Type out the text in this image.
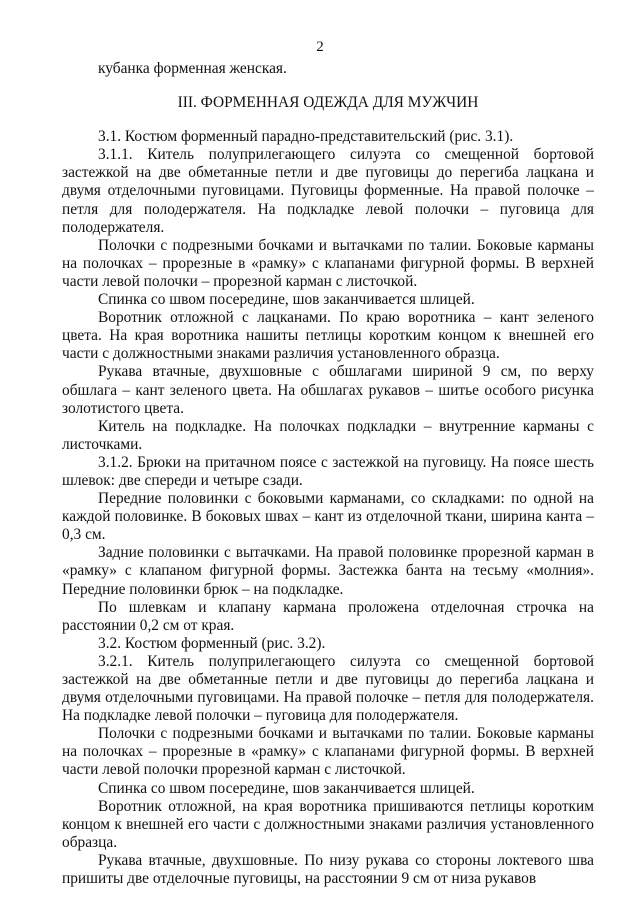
2

кубанка форменная женская.

III. ФОРМЕННАЯ ОДЕЖДА ДЛЯ МУЖЧИН

3.1. Костюм форменный парадно-представительский (рис. 3.1).

3.1.1. Китель полуприлегающего силуэта со смещенной бортовой застежкой на две обметанные петли и две пуговицы до перегиба лацкана и двумя отделочными пуговицами. Пуговицы форменные. На правой полочке – петля для полодержателя. На подкладке левой полочки – пуговица для полодержателя.

Полочки с подрезными бочками и вытачками по талии. Боковые карманы на полочках – прорезные в «рамку» с клапанами фигурной формы. В верхней части левой полочки – прорезной карман с листочкой.

Спинка со швом посередине, шов заканчивается шлицей.

Воротник отложной с лацканами. По краю воротника – кант зеленого цвета. На края воротника нашиты петлицы коротким концом к внешней его части с должностными знаками различия установленного образца.

Рукава втачные, двухшовные с обшлагами шириной 9 см, по верху обшлага – кант зеленого цвета. На обшлагах рукавов – шитье особого рисунка золотистого цвета.

Китель на подкладке. На полочках подкладки – внутренние карманы с листочками.

3.1.2. Брюки на притачном поясе с застежкой на пуговицу. На поясе шесть шлевок: две спереди и четыре сзади.

Передние половинки с боковыми карманами, со складками: по одной на каждой половинке. В боковых швах – кант из отделочной ткани, ширина канта – 0,3 см.

Задние половинки с вытачками. На правой половинке прорезной карман в «рамку» с клапаном фигурной формы. Застежка банта на тесьму «молния». Передние половинки брюк – на подкладке.

По шлевкам и клапану кармана проложена отделочная строчка на расстоянии 0,2 см от края.

3.2. Костюм форменный (рис. 3.2).

3.2.1. Китель полуприлегающего силуэта со смещенной бортовой застежкой на две обметанные петли и две пуговицы до перегиба лацкана и двумя отделочными пуговицами. На правой полочке – петля для полодержателя. На подкладке левой полочки – пуговица для полодержателя.

Полочки с подрезными бочками и вытачками по талии. Боковые карманы на полочках – прорезные в «рамку» с клапанами фигурной формы. В верхней части левой полочки прорезной карман с листочкой.

Спинка со швом посередине, шов заканчивается шлицей.

Воротник отложной, на края воротника пришиваются петлицы коротким концом к внешней его части с должностными знаками различия установленного образца.

Рукава втачные, двухшовные. По низу рукава со стороны локтевого шва пришиты две отделочные пуговицы, на расстоянии 9 см от низа рукавов
